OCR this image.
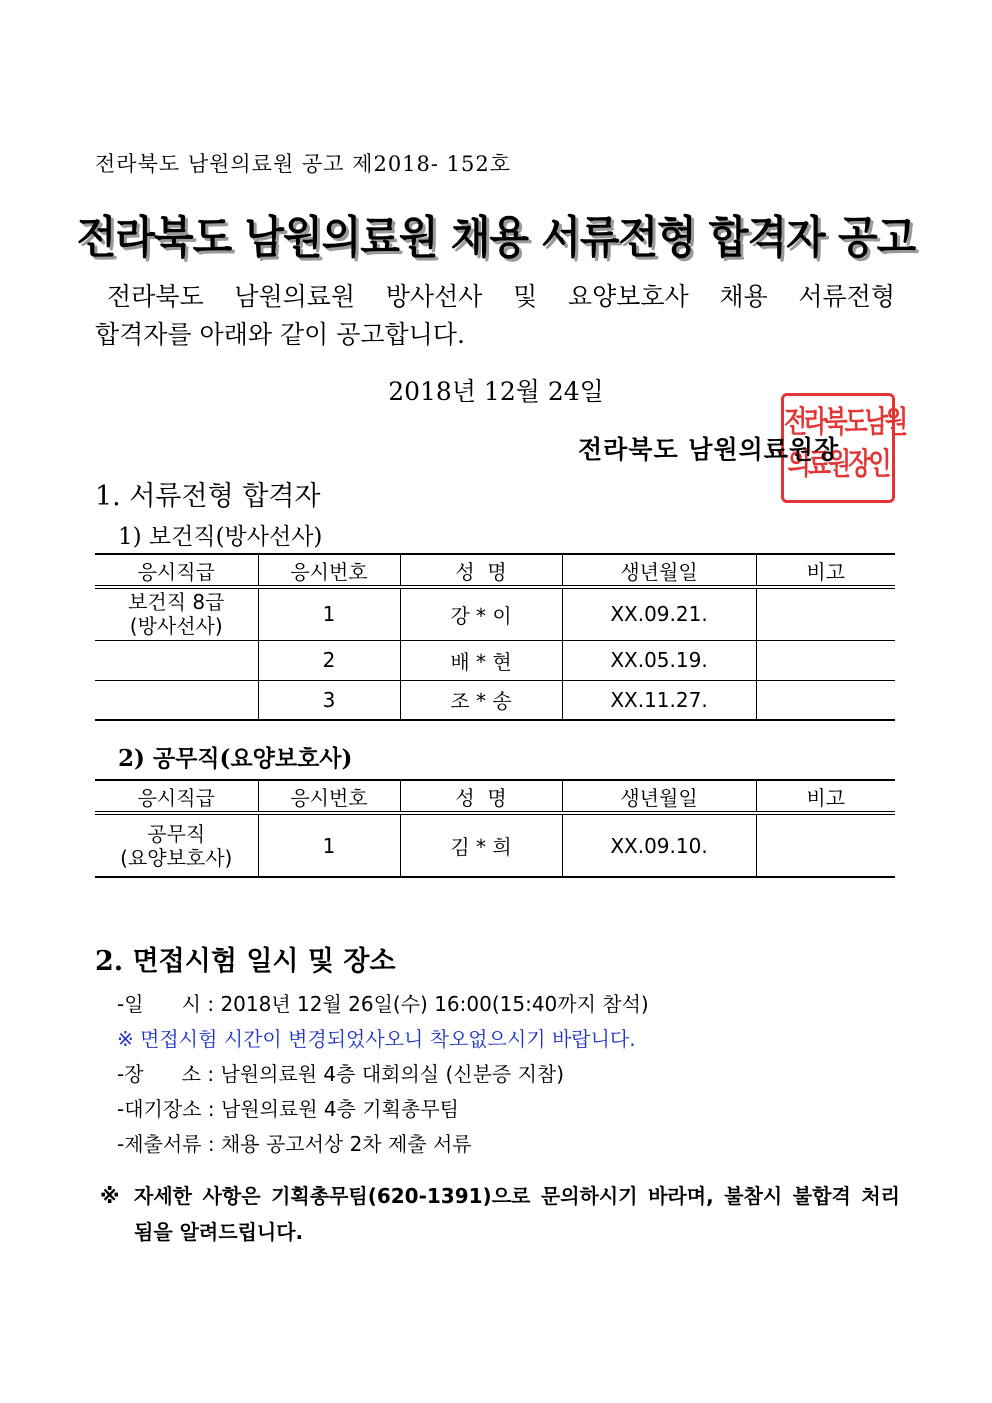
전라북도 남원의료원 공고 제2018- 152호
전라북도 남원의료원 채용 서류전형 합격자 공고
전라북도 남원의료원 방사선사 및 요양보호사 채용 서류전형
합격자를 아래와 같이 공고합니다.
2018년 12월 24일
전라북도남원
의료원장인
전라북도 남원의료원장
1. 서류전형 합격자
1) 보건직(방사선사)
응시직급	응시번호	성  명	생년월일	비고

보건직 8급
(방사선사)	1	강 * 이	XX.09.21.	
	2	배 * 현	XX.05.19.	
	3	조 * 송	XX.11.27.	
2) 공무직(요양보호사)
응시직급	응시번호	성  명	생년월일	비고

공무직
(요양보호사)	1	김 * 희	XX.09.10.	
2. 면접시험 일시 및 장소
-일      시 : 2018년 12월 26일(수) 16:00(15:40까지 참석)
※ 면접시험 시간이 변경되었사오니 착오없으시기 바랍니다.
-장      소 : 남원의료원 4층 대회의실 (신분증 지참)
-대기장소 : 남원의료원 4층 기획총무팀
-제출서류 : 채용 공고서상 2차 제출 서류
※ 자세한 사항은 기획총무팀(620-1391)으로 문의하시기 바라며, 불참시 불합격 처리 됨을 알려드립니다.
